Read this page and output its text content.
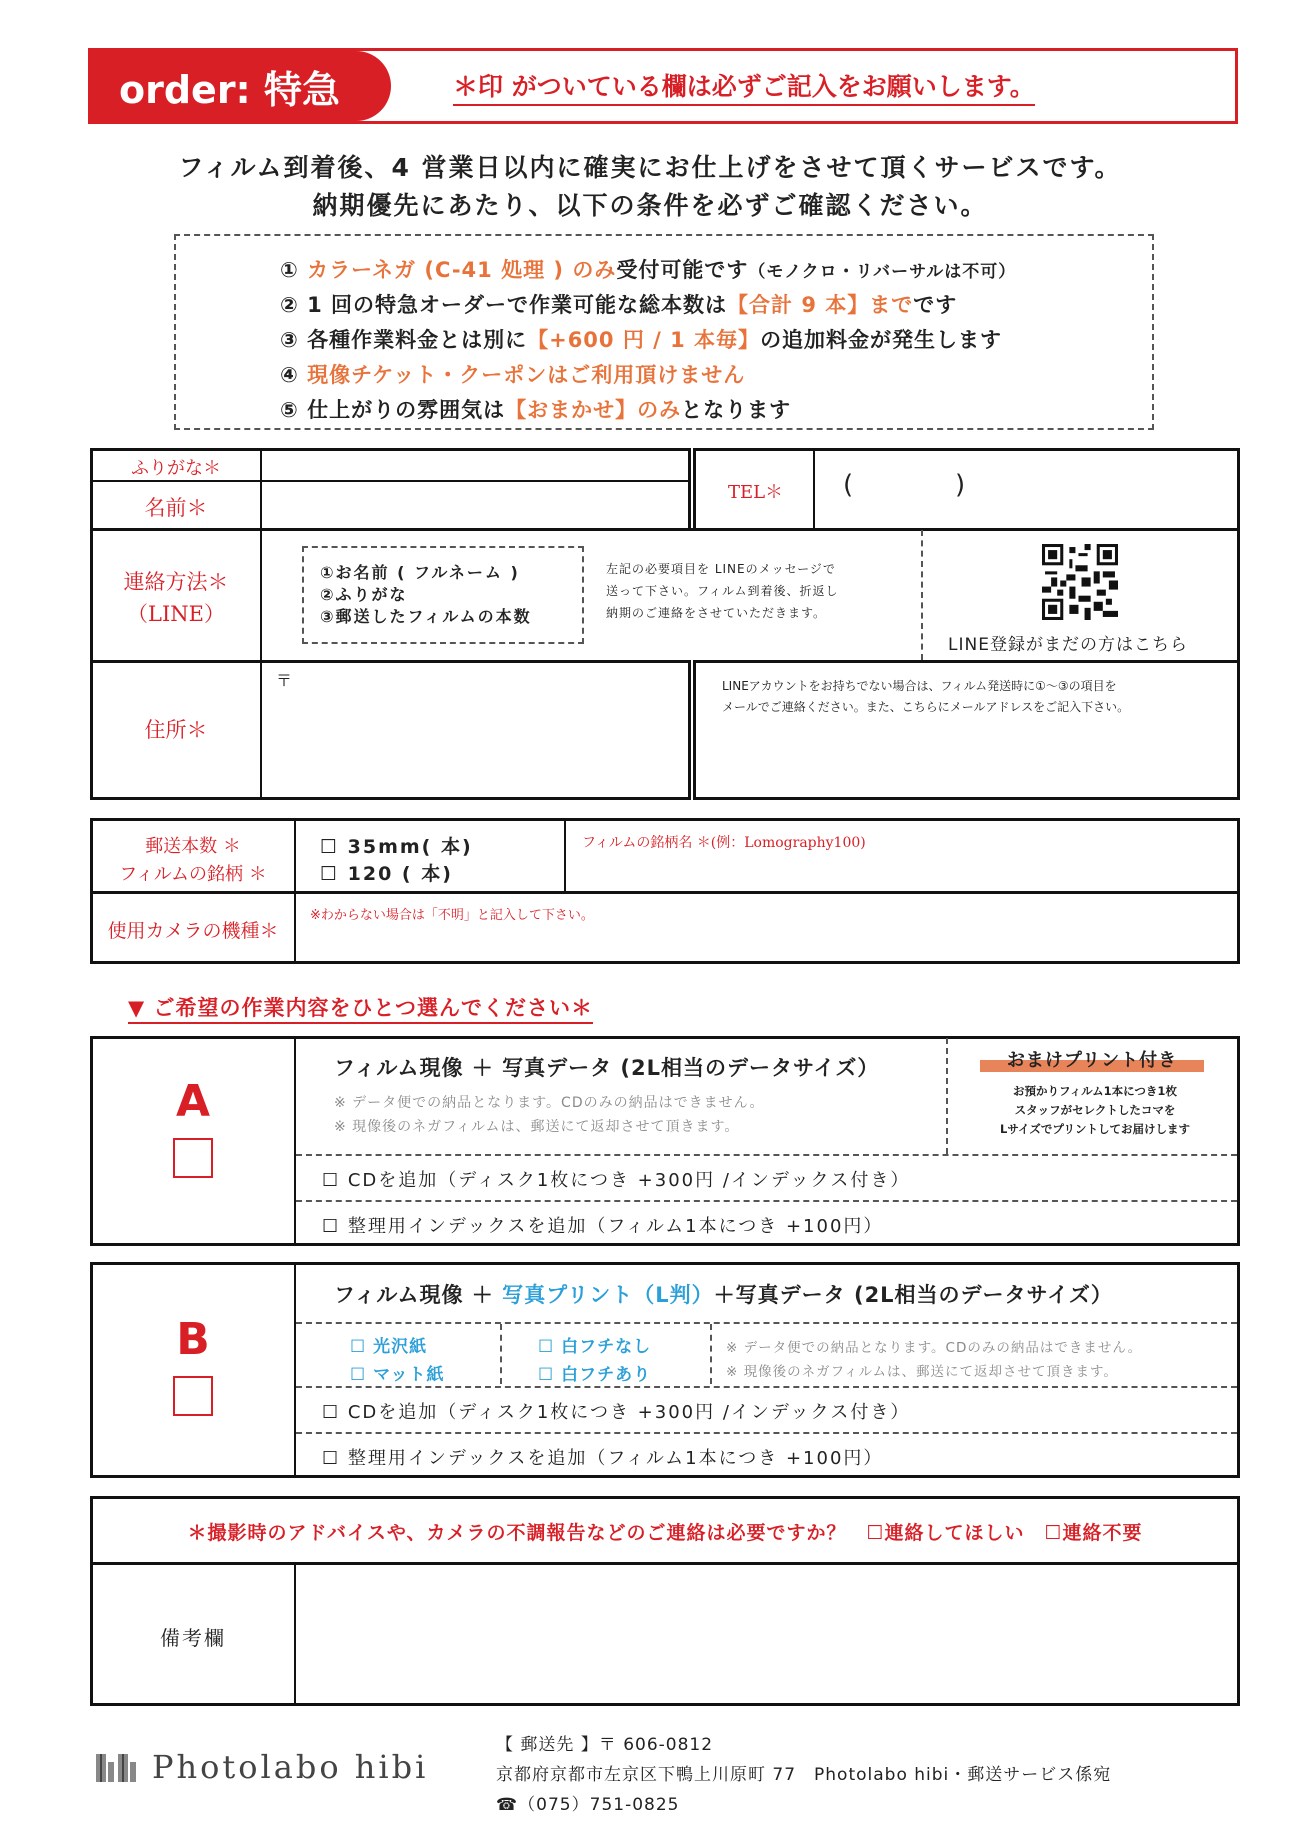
order: 特急	＊印 がついている欄は必ずご記入をお願いします。
フィルム到着後、4 営業日以内に確実にお仕上げをさせて頂くサービスです。
納期優先にあたり、以下の条件を必ずご確認ください。
① カラーネガ (C-41 処理 ) のみ受付可能です（モノクロ・リバーサルは不可）
② 1 回の特急オーダーで作業可能な総本数は【合計 9 本】までです
③ 各種作業料金とは別に【+600 円 / 1 本毎】の追加料金が発生します
④ 現像チケット・クーポンはご利用頂けません
⑤ 仕上がりの雰囲気は【おまかせ】のみとなります
ふりがな＊
名前＊
TEL＊	(	)
連絡方法＊
（LINE）
①お名前 ( フルネーム )
②ふりがな
③郵送したフィルムの本数
左記の必要項目を LINEのメッセージで
送って下さい。フィルム到着後、折返し
納期のご連絡をさせていただきます。
LINE登録がまだの方はこちら
住所＊
〒	LINEアカウントをお持ちでない場合は、フィルム発送時に①〜③の項目を
メールでご連絡ください。また、こちらにメールアドレスをご記入下さい。
郵送本数 ＊
フィルムの銘柄 ＊
☐ 35mm( 本)
☐ 120 ( 本)
フィルムの銘柄名 ＊(例：Lomography100)
使用カメラの機種＊
※わからない場合は「不明」と記入して下さい。
▼ ご希望の作業内容をひとつ選んでください＊
A
フィルム現像 ＋ 写真データ (2L相当のデータサイズ）
※ データ便での納品となります。CDのみの納品はできません。
※ 現像後のネガフィルムは、郵送にて返却させて頂きます。
おまけプリント付き
お預かりフィルム1本につき1枚
スタッフがセレクトしたコマを
Lサイズでプリントしてお届けします
☐ CDを追加（ディスク1枚につき +300円 /インデックス付き）
☐ 整理用インデックスを追加（フィルム1本につき +100円）
B
フィルム現像 ＋ 写真プリント（L判）＋写真データ (2L相当のデータサイズ）
☐ 光沢紙
☐ マット紙
☐ 白フチなし
☐ 白フチあり
※ データ便での納品となります。CDのみの納品はできません。
※ 現像後のネガフィルムは、郵送にて返却させて頂きます。
☐ CDを追加（ディスク1枚につき +300円 /インデックス付き）
☐ 整理用インデックスを追加（フィルム1本につき +100円）
＊撮影時のアドバイスや、カメラの不調報告などのご連絡は必要ですか？　☐連絡してほしい　☐連絡不要
備考欄
Photolabo hibi
【 郵送先 】〒 606-0812
京都府京都市左京区下鴨上川原町 77　Photolabo hibi・郵送サービス係宛
☎（075）751-0825
